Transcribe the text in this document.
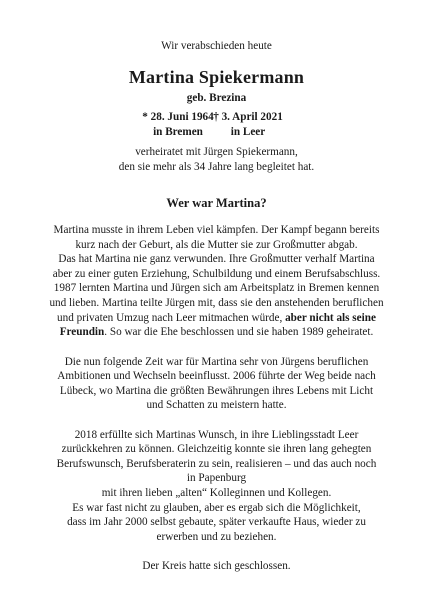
Wir verabschieden heute
Martina Spiekermann
geb. Brezina
* 28. Juni 1964
in Bremen
† 3. April 2021
in Leer
verheiratet mit Jürgen Spiekermann,
den sie mehr als 34 Jahre lang begleitet hat.
Wer war Martina?
Martina musste in ihrem Leben viel kämpfen. Der Kampf begann bereits
kurz nach der Geburt, als die Mutter sie zur Großmutter abgab.
Das hat Martina nie ganz verwunden. Ihre Großmutter verhalf Martina
aber zu einer guten Erziehung, Schulbildung und einem Berufsabschluss.
1987 lernten Martina und Jürgen sich am Arbeitsplatz in Bremen kennen
und lieben. Martina teilte Jürgen mit, dass sie den anstehenden beruflichen
und privaten Umzug nach Leer mitmachen würde, aber nicht als seine
Freundin. So war die Ehe beschlossen und sie haben 1989 geheiratet.
Die nun folgende Zeit war für Martina sehr von Jürgens beruflichen
Ambitionen und Wechseln beeinflusst. 2006 führte der Weg beide nach
Lübeck, wo Martina die größten Bewährungen ihres Lebens mit Licht
und Schatten zu meistern hatte.
2018 erfüllte sich Martinas Wunsch, in ihre Lieblingsstadt Leer
zurückkehren zu können. Gleichzeitig konnte sie ihren lang gehegten
Berufswunsch, Berufsberaterin zu sein, realisieren – und das auch noch
in Papenburg
mit ihren lieben „alten“ Kolleginnen und Kollegen.
Es war fast nicht zu glauben, aber es ergab sich die Möglichkeit,
dass im Jahr 2000 selbst gebaute, später verkaufte Haus, wieder zu
erwerben und zu beziehen.
Der Kreis hatte sich geschlossen.
